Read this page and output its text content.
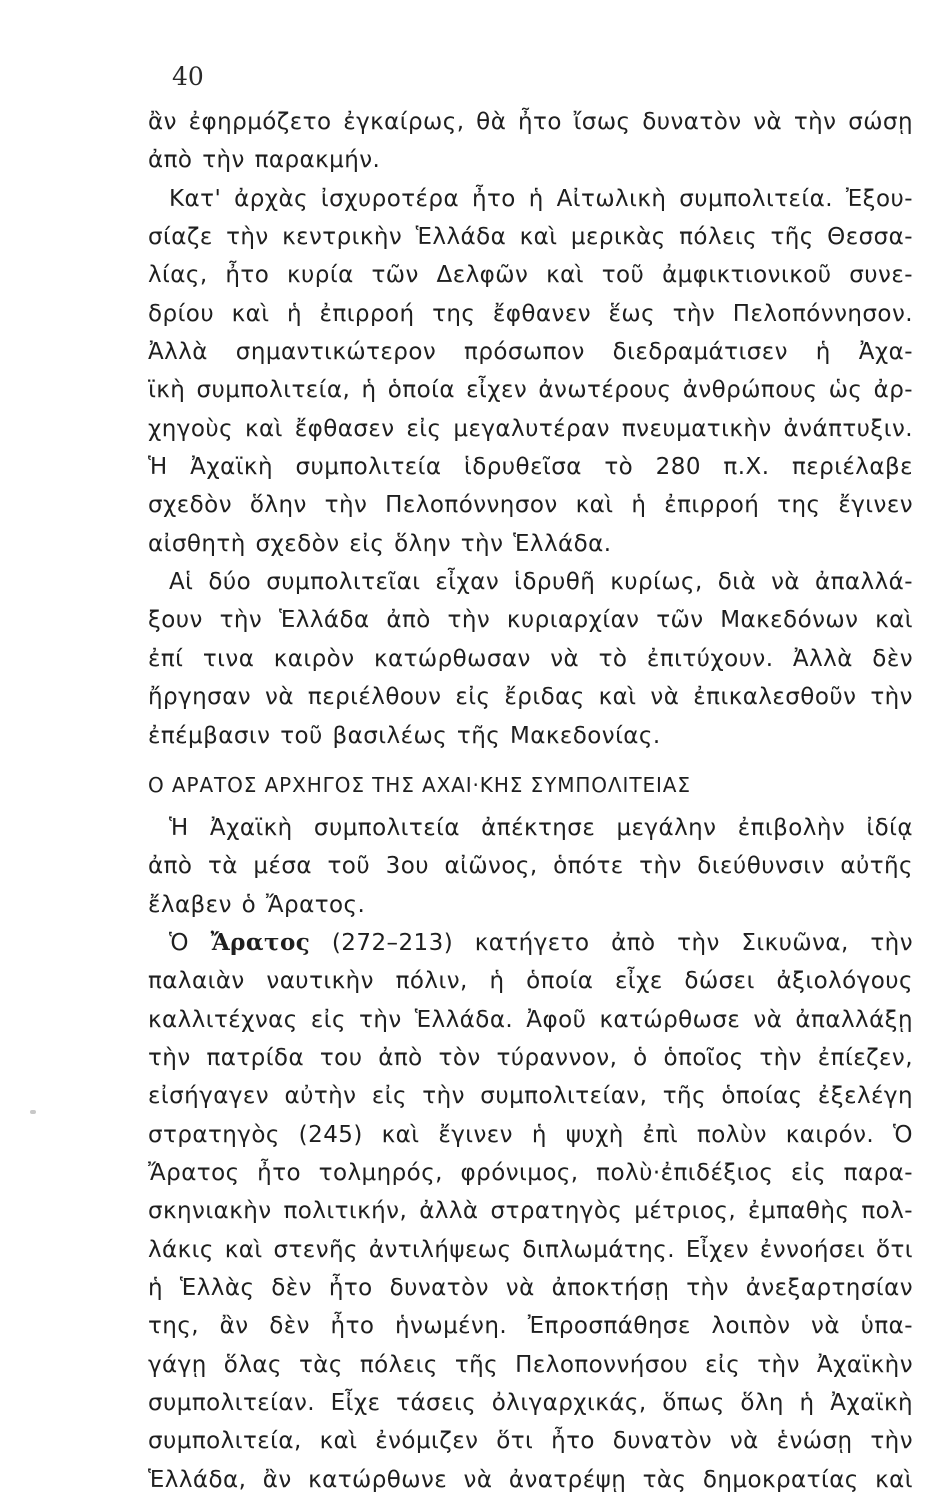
40
ἂν ἐφηρμόζετο ἐγκαίρως, θὰ ἦτο ἴσως δυνατὸν νὰ τὴν σώσῃ
ἀπὸ τὴν παρακμήν.
Κατ' ἀρχὰς ἰσχυροτέρα ἦτο ἡ Αἰτωλικὴ συμπολιτεία. Ἐξου-
σίαζε τὴν κεντρικὴν Ἑλλάδα καὶ μερικὰς πόλεις τῆς Θεσσα-
λίας, ἦτο κυρία τῶν Δελφῶν καὶ τοῦ ἀμφικτιονικοῦ συνε-
δρίου καὶ ἡ ἐπιρροή της ἔφθανεν ἕως τὴν Πελοπόννησον.
Ἀλλὰ σημαντικώτερον πρόσωπον διεδραμάτισεν ἡ Ἀχα-
ϊκὴ συμπολιτεία, ἡ ὁποία εἶχεν ἀνωτέρους ἀνθρώπους ὡς ἀρ-
χηγοὺς καὶ ἔφθασεν εἰς μεγαλυτέραν πνευματικὴν ἀνάπτυξιν.
Ἡ Ἀχαϊκὴ συμπολιτεία ἱδρυθεῖσα τὸ 280 π.Χ. περιέλαβε
σχεδὸν ὅλην τὴν Πελοπόννησον καὶ ἡ ἐπιρροή της ἔγινεν
αἰσθητὴ σχεδὸν εἰς ὅλην τὴν Ἑλλάδα.
Αἱ δύο συμπολιτεῖαι εἶχαν ἱδρυθῆ κυρίως, διὰ νὰ ἀπαλλά-
ξουν τὴν Ἑλλάδα ἀπὸ τὴν κυριαρχίαν τῶν Μακεδόνων καὶ
ἐπί τινα καιρὸν κατώρθωσαν νὰ τὸ ἐπιτύχουν. Ἀλλὰ δὲν
ἤργησαν νὰ περιέλθουν εἰς ἔριδας καὶ νὰ ἐπικαλεσθοῦν τὴν
ἐπέμβασιν τοῦ βασιλέως τῆς Μακεδονίας.
Ο ΑΡΑΤΟΣ ΑΡΧΗΓΟΣ ΤΗΣ ΑΧΑΙ·ΚΗΣ ΣΥΜΠΟΛΙΤΕΙΑΣ
Ἡ Ἀχαϊκὴ συμπολιτεία ἀπέκτησε μεγάλην ἐπιβολὴν ἰδίᾳ
ἀπὸ τὰ μέσα τοῦ 3ου αἰῶνος, ὁπότε τὴν διεύθυνσιν αὐτῆς
ἔλαβεν ὁ Ἄρατος.
Ὁ Ἄρατος (272–213) κατήγετο ἀπὸ τὴν Σικυῶνα, τὴν
παλαιὰν ναυτικὴν πόλιν, ἡ ὁποία εἶχε δώσει ἀξιολόγους
καλλιτέχνας εἰς τὴν Ἑλλάδα. Ἀφοῦ κατώρθωσε νὰ ἀπαλλάξῃ
τὴν πατρίδα του ἀπὸ τὸν τύραννον, ὁ ὁποῖος τὴν ἐπίεζεν,
εἰσήγαγεν αὐτὴν εἰς τὴν συμπολιτείαν, τῆς ὁποίας ἐξελέγη
στρατηγὸς (245) καὶ ἔγινεν ἡ ψυχὴ ἐπὶ πολὺν καιρόν. Ὁ
Ἄρατος ἦτο τολμηρός, φρόνιμος, πολὺ·ἐπιδέξιος εἰς παρα-
σκηνιακὴν πολιτικήν, ἀλλὰ στρατηγὸς μέτριος, ἐμπαθὴς πολ-
λάκις καὶ στενῆς ἀντιλήψεως διπλωμάτης. Εἶχεν ἐννοήσει ὅτι
ἡ Ἑλλὰς δὲν ἦτο δυνατὸν νὰ ἀποκτήσῃ τὴν ἀνεξαρτησίαν
της, ἂν δὲν ἦτο ἡνωμένη. Ἐπροσπάθησε λοιπὸν νὰ ὑπα-
γάγῃ ὅλας τὰς πόλεις τῆς Πελοποννήσου εἰς τὴν Ἀχαϊκὴν
συμπολιτείαν. Εἶχε τάσεις ὀλιγαρχικάς, ὅπως ὅλη ἡ Ἀχαϊκὴ
συμπολιτεία, καὶ ἐνόμιζεν ὅτι ἦτο δυνατὸν νὰ ἑνώσῃ τὴν
Ἑλλάδα, ἂν κατώρθωνε νὰ ἀνατρέψῃ τὰς δημοκρατίας καὶ
